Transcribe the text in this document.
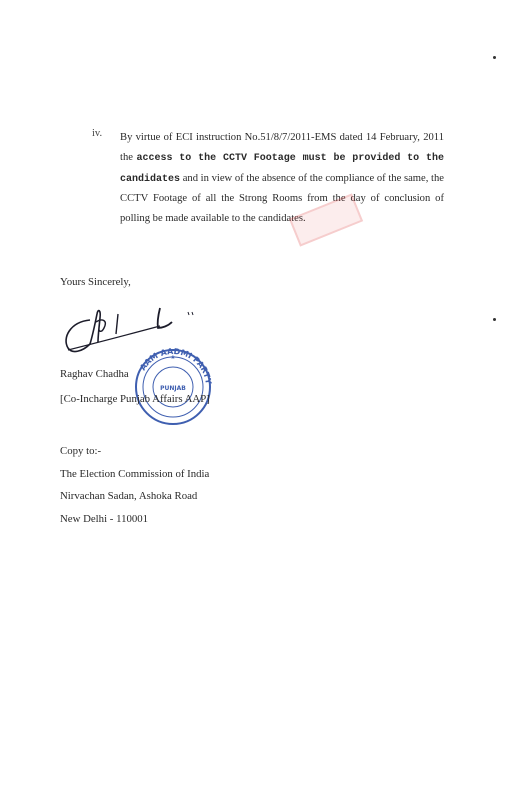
iv. By virtue of ECI instruction No.51/8/7/2011-EMS dated 14 February, 2011 the access to the CCTV Footage must be provided to the candidates and in view of the absence of the compliance of the same, the CCTV Footage of all the Strong Rooms from the day of conclusion of polling be made available to the candidates.
Yours Sincerely,
AAM AADMI PARTY
PUNJAB
★
Raghav Chadha
[Co-Incharge Punjab Affairs AAP]
Copy to:-
The Election Commission of India
Nirvachan Sadan, Ashoka Road
New Delhi - 110001
